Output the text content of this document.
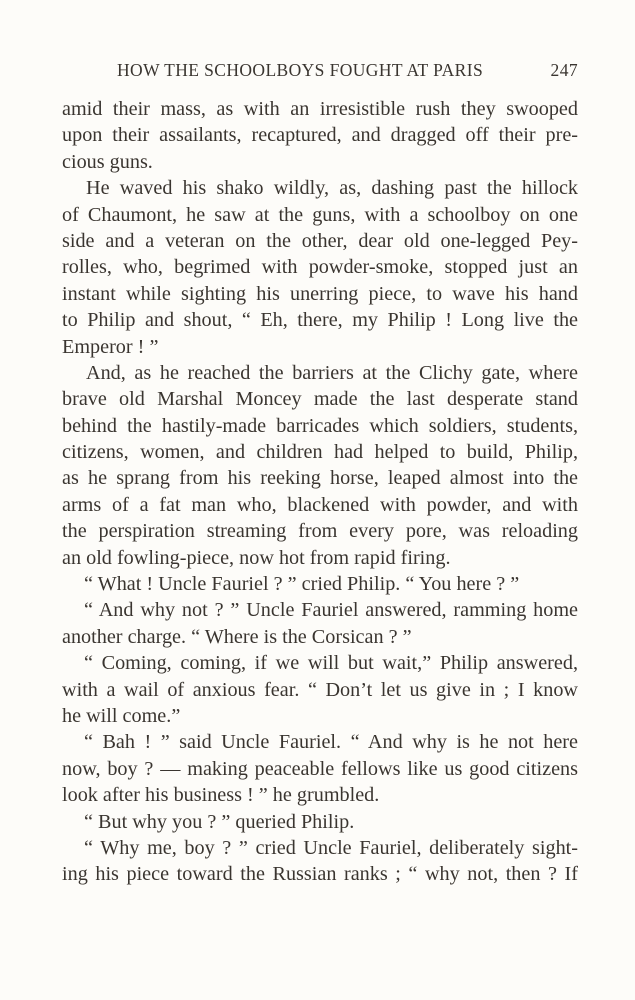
HOW THE SCHOOLBOYS FOUGHT AT PARIS	247
amid their mass, as with an irresistible rush they swooped
upon their assailants, recaptured, and dragged off their pre-
cious guns.
He waved his shako wildly, as, dashing past the hillock
of Chaumont, he saw at the guns, with a schoolboy on one
side and a veteran on the other, dear old one-legged Pey-
rolles, who, begrimed with powder-smoke, stopped just an
instant while sighting his unerring piece, to wave his hand
to Philip and shout, “ Eh, there, my Philip ! Long live the
Emperor ! ”
And, as he reached the barriers at the Clichy gate, where
brave old Marshal Moncey made the last desperate stand
behind the hastily-made barricades which soldiers, students,
citizens, women, and children had helped to build, Philip,
as he sprang from his reeking horse, leaped almost into the
arms of a fat man who, blackened with powder, and with
the perspiration streaming from every pore, was reloading
an old fowling-piece, now hot from rapid firing.
“ What ! Uncle Fauriel ? ” cried Philip. “ You here ? ”
“ And why not ? ” Uncle Fauriel answered, ramming home
another charge. “ Where is the Corsican ? ”
“ Coming, coming, if we will but wait,” Philip answered,
with a wail of anxious fear. “ Don’t let us give in ; I know
he will come.”
“ Bah ! ” said Uncle Fauriel. “ And why is he not here
now, boy ? — making peaceable fellows like us good citizens
look after his business ! ” he grumbled.
“ But why you ? ” queried Philip.
“ Why me, boy ? ” cried Uncle Fauriel, deliberately sight-
ing his piece toward the Russian ranks ; “ why not, then ? If
